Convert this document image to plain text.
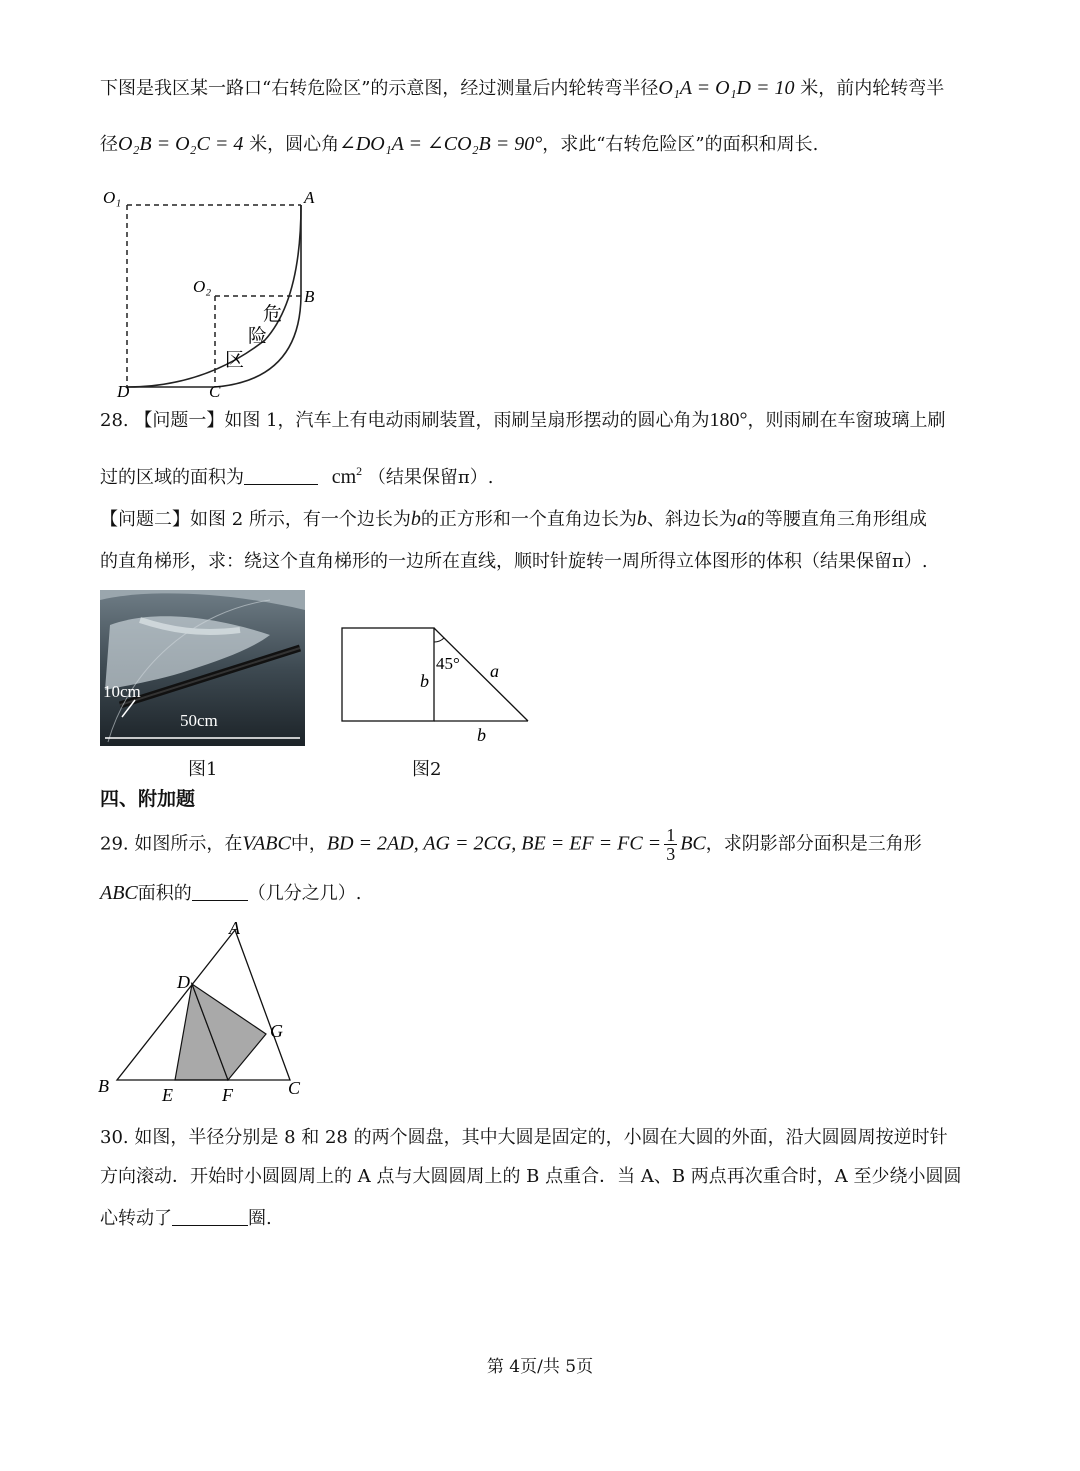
下图是我区某一路口“右转危险区”的示意图，经过测量后内轮转弯半径O₁A = O₁D = 10 米，前内轮转弯半
径O₂B = O₂C = 4 米，圆心角∠DO₁A = ∠CO₂B = 90°，求此“右转危险区”的面积和周长.
O₁	A
O₂
B
D	C
危
险
区
28. 【问题一】如图 1，汽车上有电动雨刷装置，雨刷呈扇形摆动的圆心角为180°，则雨刷在车窗玻璃上刷
过的区域的面积为	$cm^2$ （结果保留π）.
【问题二】如图 2 所示，有一个边长为b的正方形和一个直角边长为b、斜边长为a的等腰直角三角形组成
的直角梯形，求：绕这个直角梯形的一边所在直线，顺时针旋转一周所得立体图形的体积（结果保留π）.
10cm
50cm
图1
45°
b	a
b
图2
四、附加题
29. 如图所示，在VABC中，BD = 2AD, AG = 2CG, BE = EF = FC = $\frac{1}{3}$ BC，求阴影部分面积是三角形
ABC面积的	（几分之几）.
A
B	C
D
E	F
G
30. 如图，半径分别是 8 和 28 的两个圆盘，其中大圆是固定的，小圆在大圆的外面，沿大圆圆周按逆时针
方向滚动．开始时小圆圆周上的 A 点与大圆圆周上的 B 点重合．当 A、B 两点再次重合时，A 至少绕小圆圆
心转动了	圈.
第 4页/共 5页
